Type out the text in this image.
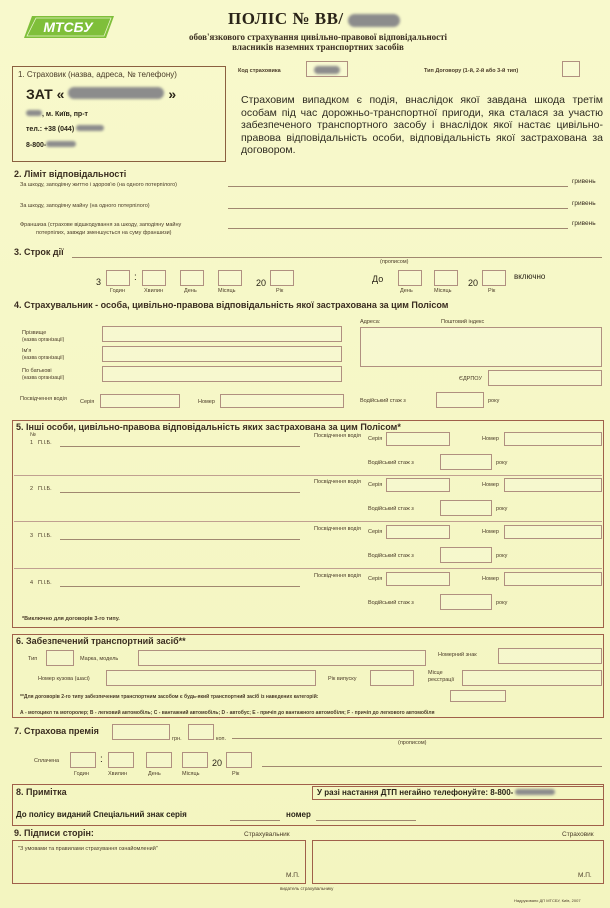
МТСБУ	ПОЛІС № ВВ/
обов'язкового страхування цивільно-правової відповідальності
власників наземних транспортних засобів
1. Страховик (назва, адреса, № телефону)
ЗАТ «	»
, м. Київ, пр-т
тел.: +38 (044)
8-800-
Код страховика	Тип Договору (1-й, 2-й або 3-й тип)
Страховим випадком є подія, внаслідок якої завдана шкода третім особам під час дорожньо-транспортної пригоди, яка сталася за участю забезпеченого транспортного засобу і внаслідок якої настає цивільно-правова відповідальність особи, відповідальність якої застрахована за договором.
2. Ліміт відповідальності
За шкоду, заподіяну життю і здоров'ю (на одного потерпілого)	гривень
За шкоду, заподіяну майну (на одного потерпілого)	гривень
Франшиза (страхове відшкодування за шкоду, заподіяну майну
потерпілих, завжди зменшується на суму франшизи)
гривень
3. Строк дії
(прописом)
3	:	20
Годин	Хвилин	День	Місяць	Рік
До	20
День	Місяць	Рік
включно
4. Страхувальник - особа, цивільно-правова відповідальність якої застрахована за цим Полісом
Прізвище
(назва організації)
Ім'я
(назва організації)
По батькові
(назва організації)
Адреса:	Поштовий індекс
ЄДРПОУ
Посвідчення водія Серія	Номер	Водійський стаж з	року
5. Інші особи, цивільно-правова відповідальність яких застрахована за цим Полісом*
№
1 П.І.Б.
Посвідчення водія Серія	Номер
Водійський стаж з	року
2 П.І.Б.
Посвідчення водія Серія	Номер
Водійський стаж з	року
3 П.І.Б.
Посвідчення водія Серія	Номер
Водійський стаж з	року
4 П.І.Б.
Посвідчення водія Серія	Номер
Водійський стаж з	року
*Виключно для договорів 3-го типу.
6. Забезпечений транспортний засіб**
Тип	Марка, модель
Номерний знак
Номер кузова (шасі)	Рік випуску
Місце
реєстрації
**Для договорів 2-го типу забезпеченим транспортним засобом є будь-який транспортний засіб із наведених категорій:
А - мотоцикл та моторолер; В - легковий автомобіль; С - вантажний автомобіль; D - автобус; Е - причіп до вантажного автомобіля; F - причіп до легкового автомобіля
7. Страхова премія
грн.	коп.
(прописом)
Сплачена	:	20
Годин	Хвилин	День	Місяць	Рік
8. Примітка	У разі настання ДТП негайно телефонуйте: 8-800-
До полісу виданий Спеціальний знак серія	номер
9. Підписи сторін:	Страхувальник	Страховик
"З умовами та правилами страхування ознайомлений"
М.П.	М.П.
видатель страхувальнику
Надруковано ДП МТСБУ, Київ, 2007
